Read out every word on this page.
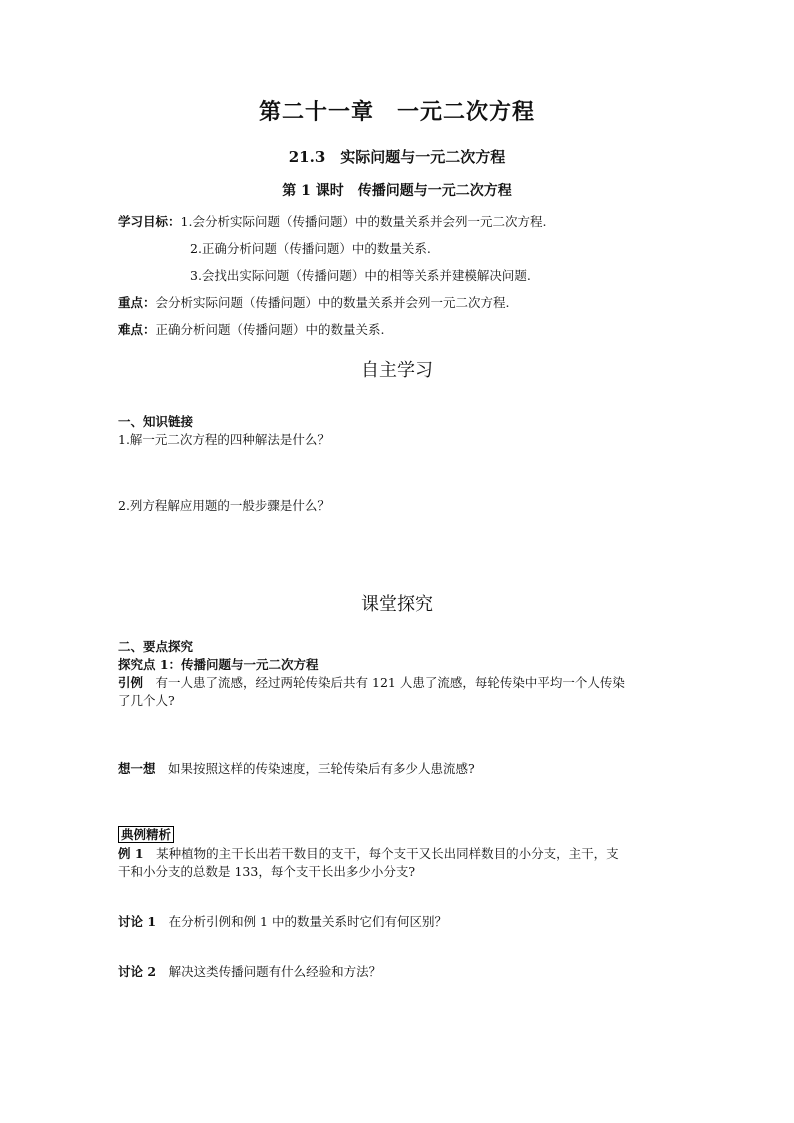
第二十一章　一元二次方程
21.3　实际问题与一元二次方程
第 1 课时　传播问题与一元二次方程
学习目标：1.会分析实际问题（传播问题）中的数量关系并会列一元二次方程.
2.正确分析问题（传播问题）中的数量关系.
3.会找出实际问题（传播问题）中的相等关系并建模解决问题.
重点：会分析实际问题（传播问题）中的数量关系并会列一元二次方程.
难点：正确分析问题（传播问题）中的数量关系.
自主学习
一、知识链接
1.解一元二次方程的四种解法是什么？
2.列方程解应用题的一般步骤是什么？
课堂探究
二、要点探究
探究点 1：传播问题与一元二次方程
引例　 有一人患了流感，经过两轮传染后共有 121 人患了流感，每轮传染中平均一个人传染
了几个人?
想一想　 如果按照这样的传染速度，三轮传染后有多少人患流感?
典例精析
例 1　 某种植物的主干长出若干数目的支干，每个支干又长出同样数目的小分支，主干，支
干和小分支的总数是 133，每个支干长出多少小分支?
讨论 1　 在分析引例和例 1 中的数量关系时它们有何区别？
讨论 2　 解决这类传播问题有什么经验和方法？
